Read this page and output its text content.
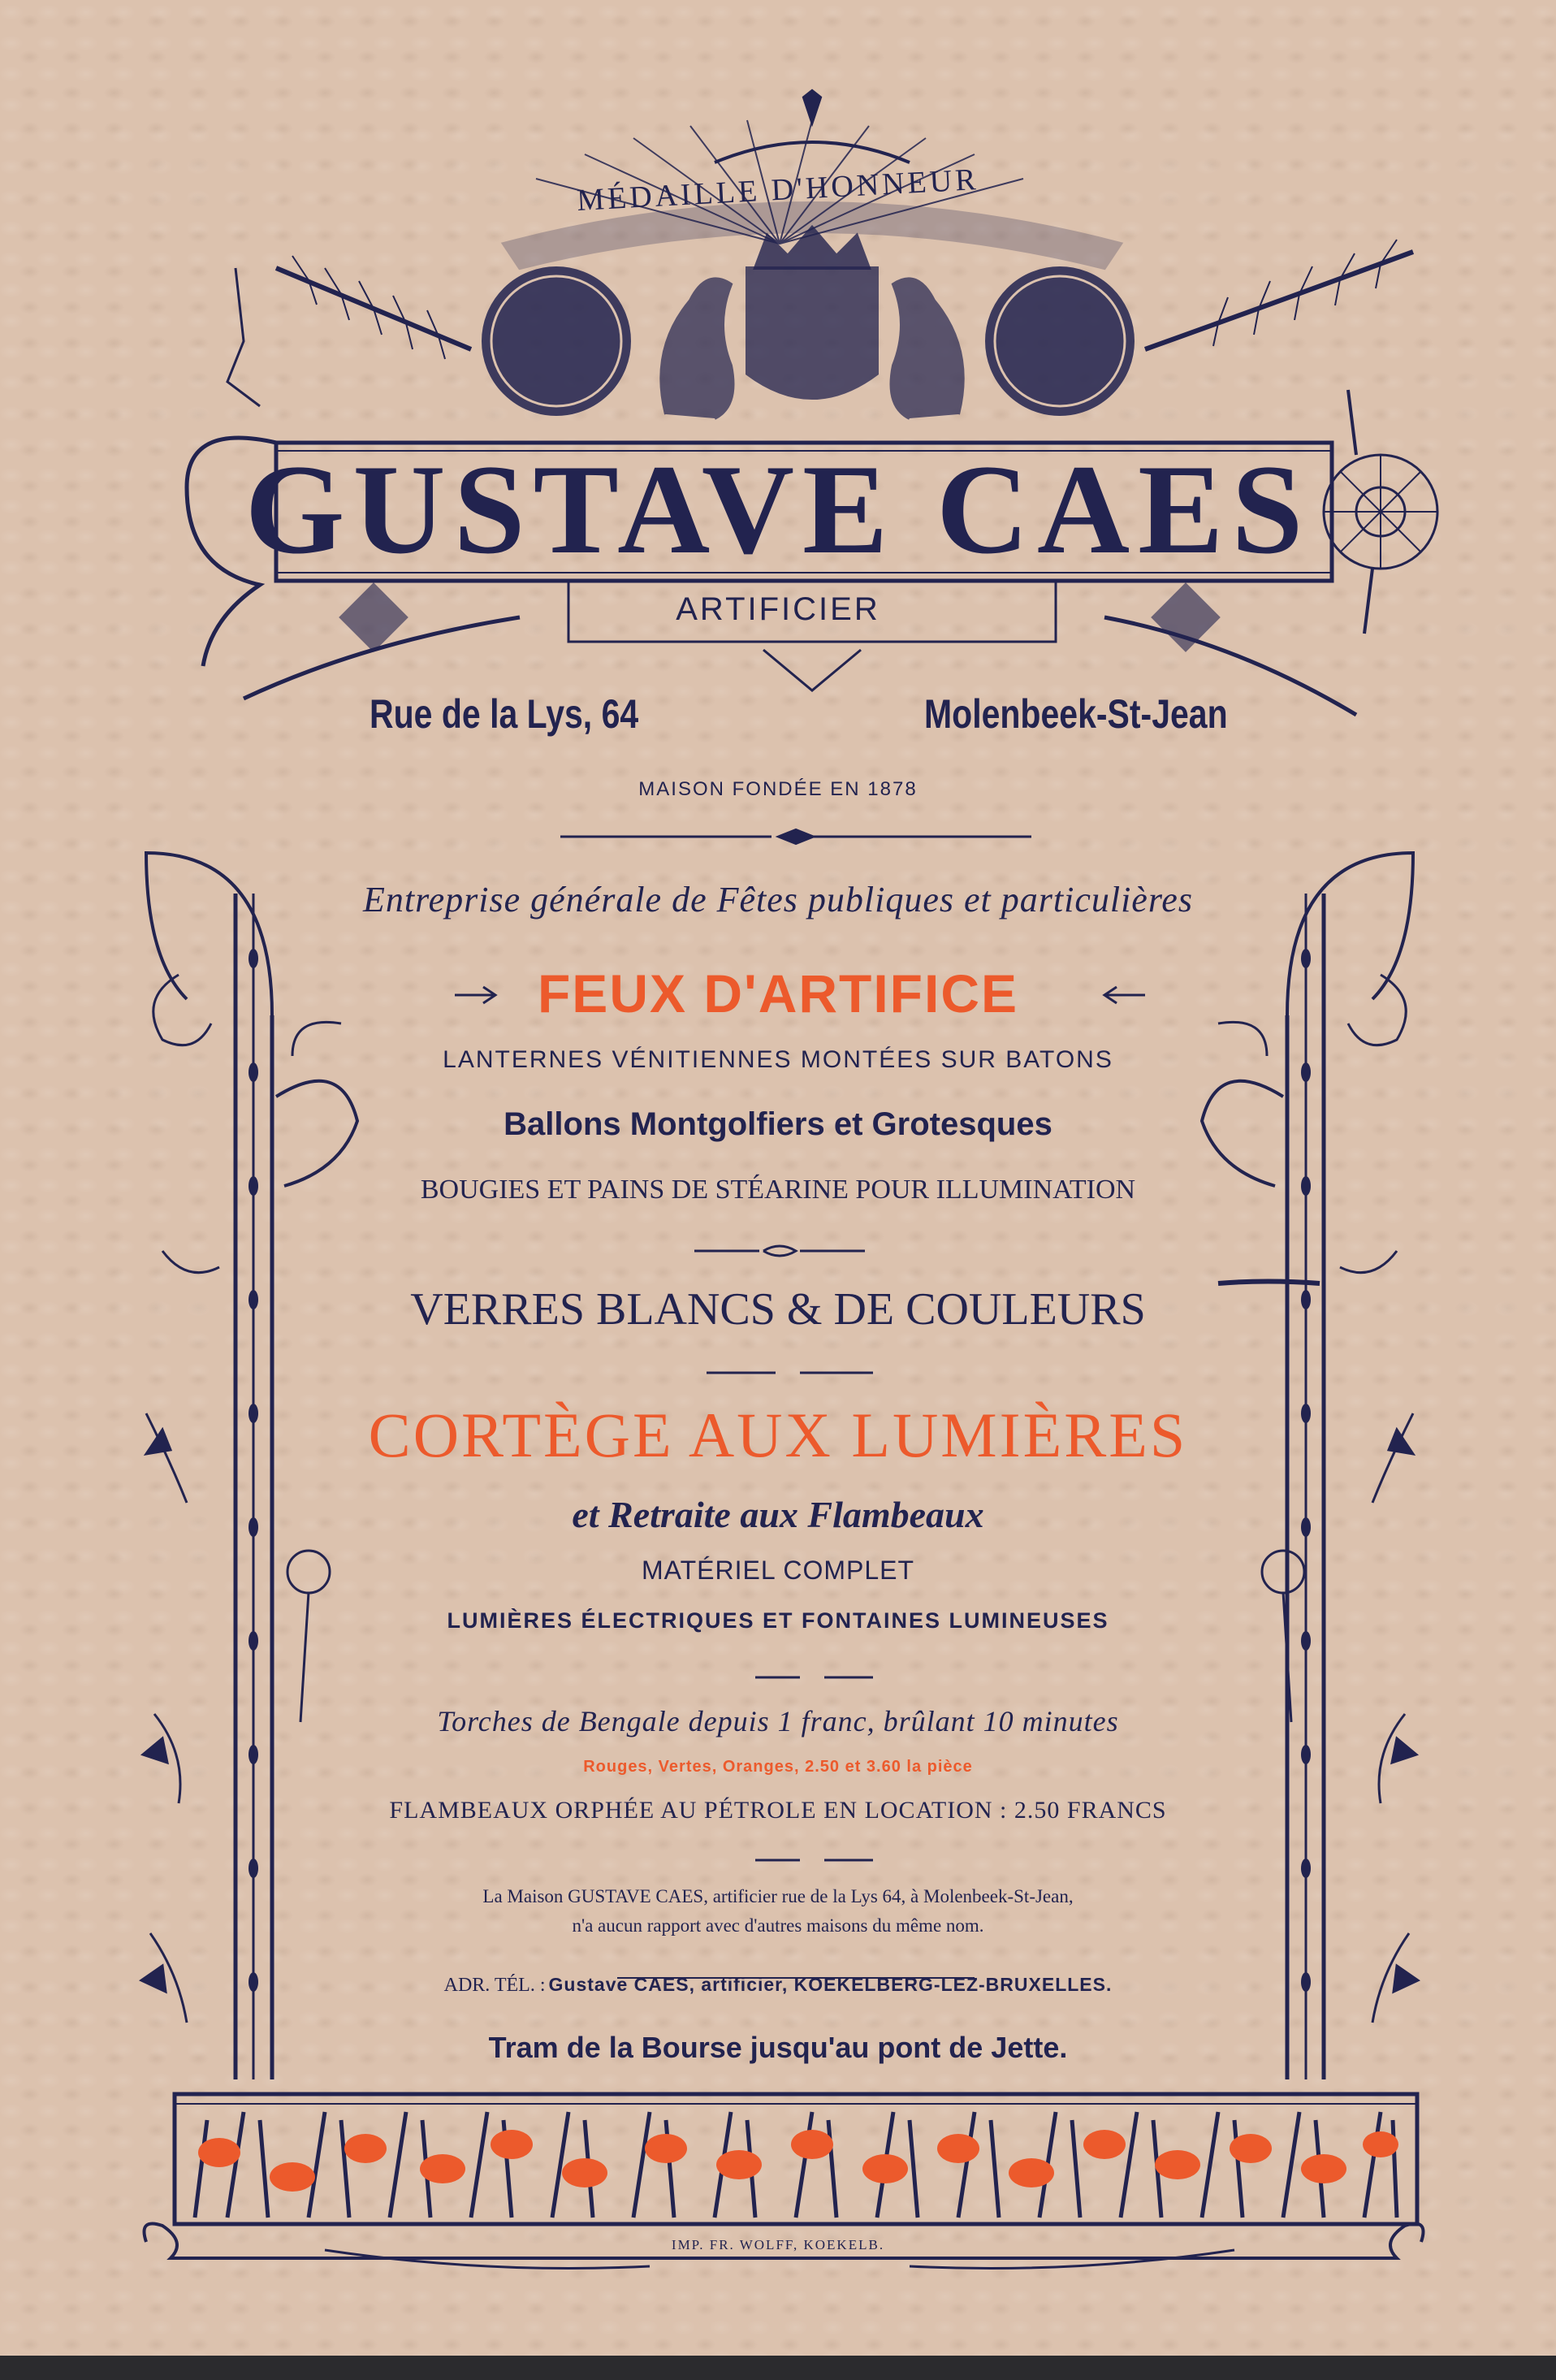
MÉDAILLE D'HONNEUR
GUSTAVE CAES
ARTIFICIER
Rue de la Lys, 64	Molenbeek-St-Jean
MAISON FONDÉE EN 1878
Entreprise générale de Fêtes publiques et particulières
FEUX D'ARTIFICE
LANTERNES VÉNITIENNES MONTÉES SUR BATONS
Ballons Montgolfiers et Grotesques
BOUGIES ET PAINS DE STÉARINE POUR ILLUMINATION
VERRES BLANCS & DE COULEURS
CORTÈGE AUX LUMIÈRES
et Retraite aux Flambeaux
MATÉRIEL COMPLET
LUMIÈRES ÉLECTRIQUES ET FONTAINES LUMINEUSES
Torches de Bengale depuis 1 franc, brûlant 10 minutes
Rouges, Vertes, Oranges, 2.50 et 3.60 la pièce
FLAMBEAUX ORPHÉE AU PÉTROLE EN LOCATION : 2.50 FRANCS
La Maison GUSTAVE CAES, artificier rue de la Lys 64, à Molenbeek-St-Jean,
n'a aucun rapport avec d'autres maisons du même nom.
ADR. TÉL. : Gustave CAES, artificier, KOEKELBERG-LEZ-BRUXELLES.
Tram de la Bourse jusqu'au pont de Jette.
IMP. FR. WOLFF, KOEKELB.
